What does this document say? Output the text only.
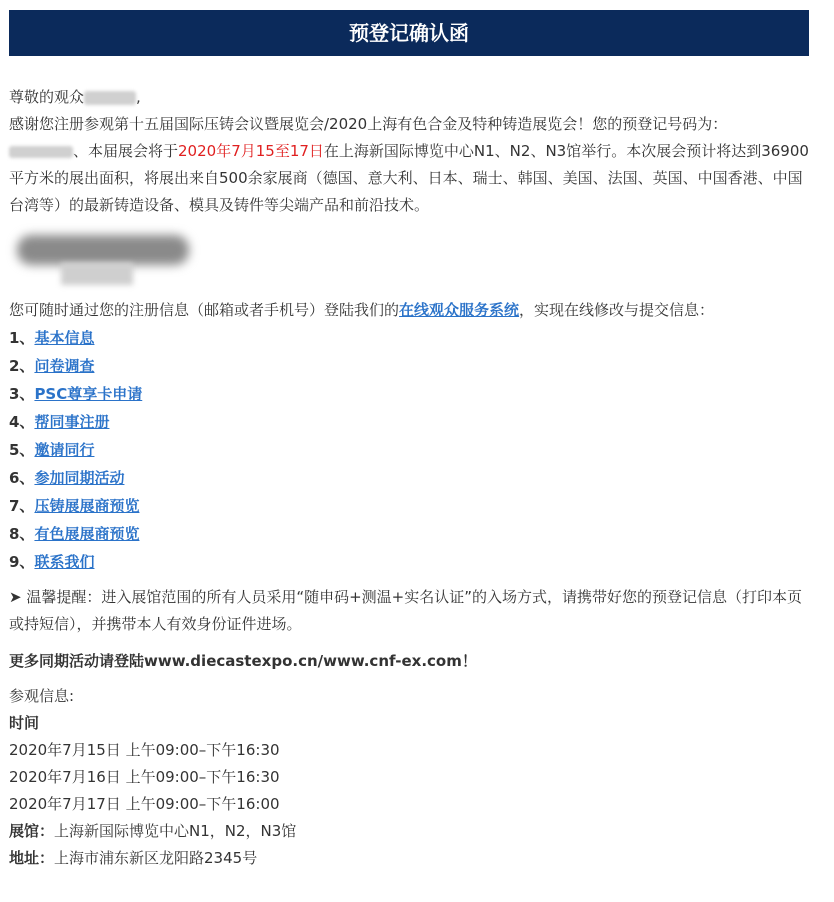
预登记确认函

尊敬的观众	,

感谢您注册参观第十五届国际压铸会议暨展览会/2020上海有色合金及特种铸造展览会！您的预登记号码为：
、本届展会将于2020年7月15至17日在上海新国际博览中心N1、N2、N3馆举行。本次展会预计将达到36900平方米的展出面积，将展出来自500余家展商（德国、意大利、日本、瑞士、韩国、美国、法国、英国、中国香港、中国台湾等）的最新铸造设备、模具及铸件等尖端产品和前沿技术。

您可随时通过您的注册信息（邮箱或者手机号）登陆我们的在线观众服务系统，实现在线修改与提交信息：

1、基本信息

2、问卷调查

3、PSC尊享卡申请

4、帮同事注册

5、邀请同行

6、参加同期活动

7、压铸展展商预览

8、有色展展商预览

9、联系我们

➤ 温馨提醒：进入展馆范围的所有人员采用“随申码+测温+实名认证”的入场方式，请携带好您的预登记信息（打印本页或持短信），并携带本人有效身份证件进场。

更多同期活动请登陆www.diecastexpo.cn/www.cnf-ex.com！

参观信息:

时间

2020年7月15日 上午09:00–下午16:30

2020年7月16日 上午09:00–下午16:30

2020年7月17日 上午09:00–下午16:00

展馆：上海新国际博览中心N1，N2，N3馆

地址：上海市浦东新区龙阳路2345号
